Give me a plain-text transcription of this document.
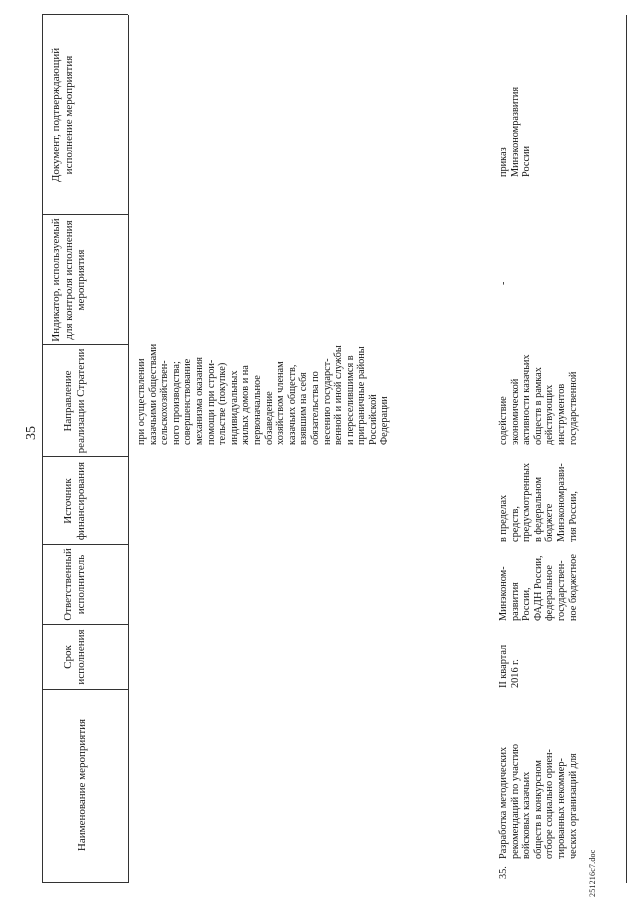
35
Наименование мероприятия
Срок исполнения
Ответственный исполнитель
Источник финансирования
Направление реализации Стратегии
Индикатор, используемый для контроля исполнения мероприятия
Документ, подтверждающий исполнение мероприятия
при осуществлении казачьими обществами сельскохозяйствен- ного производства; совершенствование механизма оказания помощи при строи- тельстве (покупке) индивидуальных жилых домов и на первоначальное обзаведение хозяйством членам казачьих обществ, взявшим на себя обязательства по несению государст- венной и иной службы и переселившимся в приграничные районы Российской Федерации
35.
Разработка методических рекомендаций по участию войсковых казачьих обществ в конкурсном отборе социально ориен- тированных некоммер- ческих организаций для
II квартал 2016 г.
Минэконом- развития России, ФАДН России, федеральное государствен- ное бюджетное
в пределах средств, предусмотренных в федеральном бюджете Минэкономразви- тия России,
содействие экономической активности казачьих обществ в рамках действующих инструментов государственной
-
приказ Минэкономразвития России
251216с7.doc
